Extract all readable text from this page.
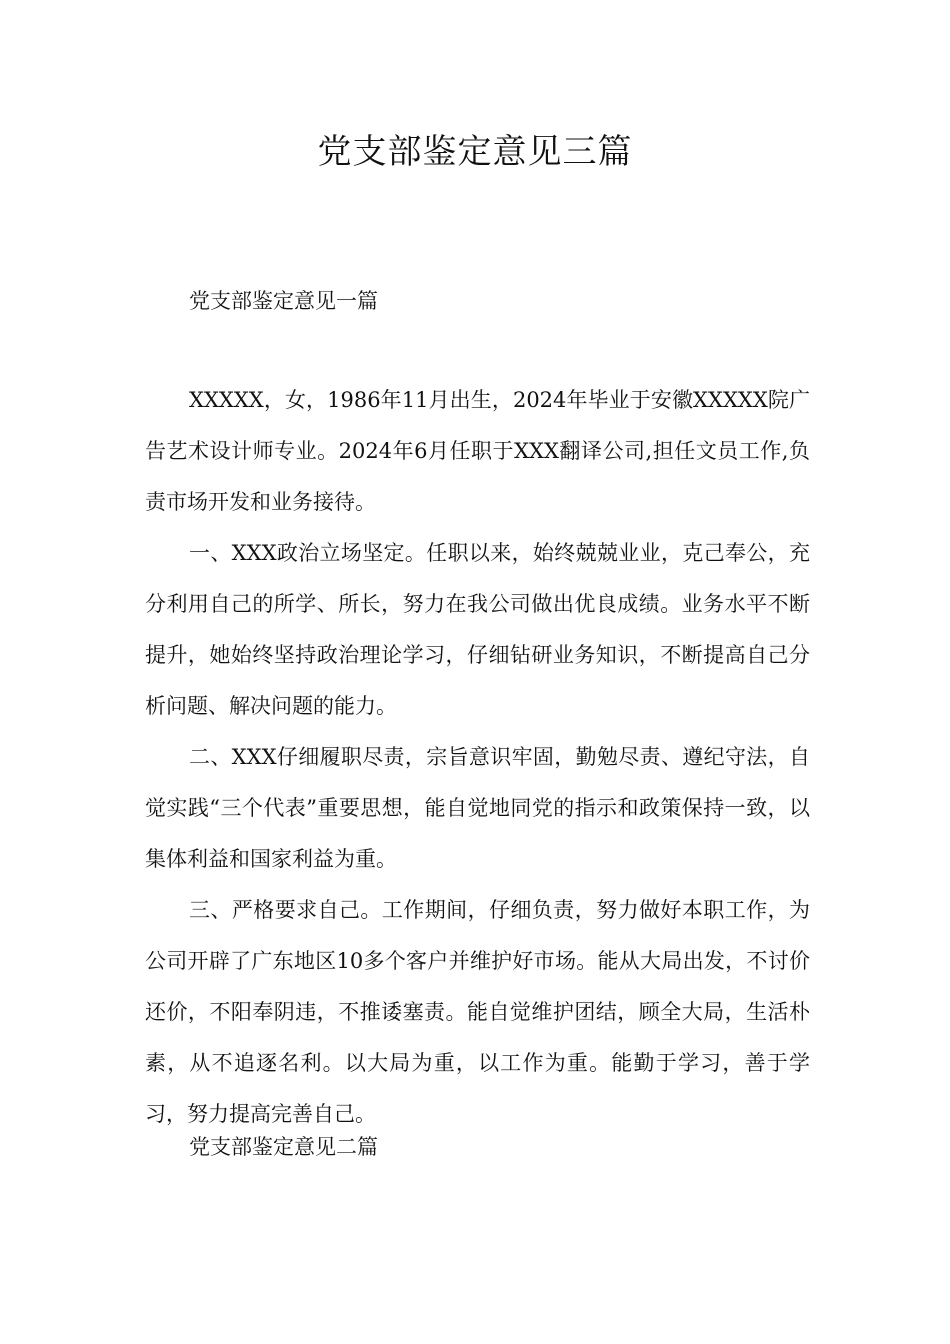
党支部鉴定意见三篇

党支部鉴定意见一篇

XXXXX，女，1986年11月出生，2024年毕业于安徽XXXXX院广告艺术设计师专业。2024年6月任职于XXX翻译公司,担任文员工作,负责市场开发和业务接待。

一、XXX政治立场坚定。任职以来，始终兢兢业业，克己奉公，充分利用自己的所学、所长，努力在我公司做出优良成绩。业务水平不断提升，她始终坚持政治理论学习，仔细钻研业务知识，不断提高自己分析问题、解决问题的能力。

二、XXX仔细履职尽责，宗旨意识牢固，勤勉尽责、遵纪守法，自觉实践“三个代表”重要思想，能自觉地同党的指示和政策保持一致，以集体利益和国家利益为重。

三、严格要求自己。工作期间，仔细负责，努力做好本职工作，为公司开辟了广东地区10多个客户并维护好市场。能从大局出发，不讨价还价，不阳奉阴违，不推诿塞责。能自觉维护团结，顾全大局，生活朴素，从不追逐名利。以大局为重，以工作为重。能勤于学习，善于学习，努力提高完善自己。

党支部鉴定意见二篇
